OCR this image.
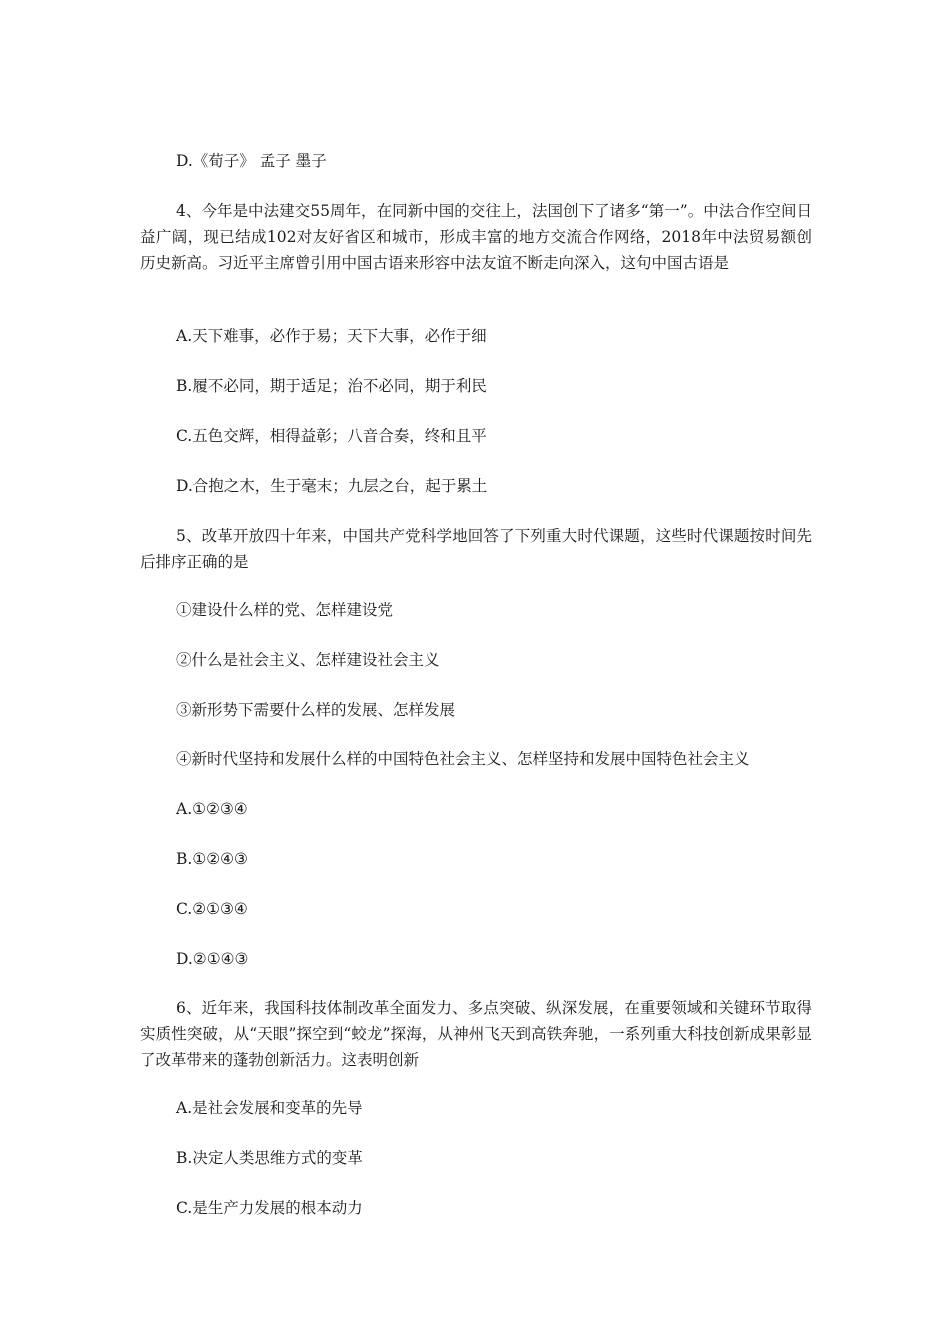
D.《荀子》 孟子 墨子
4、今年是中法建交55周年，在同新中国的交往上，法国创下了诸多“第一”。中法合作空间日益广阔，现已结成102对友好省区和城市，形成丰富的地方交流合作网络，2018年中法贸易额创历史新高。习近平主席曾引用中国古语来形容中法友谊不断走向深入，这句中国古语是
A.天下难事，必作于易；天下大事，必作于细
B.履不必同，期于适足；治不必同，期于利民
C.五色交辉，相得益彰；八音合奏，终和且平
D.合抱之木，生于毫末；九层之台，起于累土
5、改革开放四十年来，中国共产党科学地回答了下列重大时代课题，这些时代课题按时间先后排序正确的是
①建设什么样的党、怎样建设党
②什么是社会主义、怎样建设社会主义
③新形势下需要什么样的发展、怎样发展
④新时代坚持和发展什么样的中国特色社会主义、怎样坚持和发展中国特色社会主义
A.①②③④
B.①②④③
C.②①③④
D.②①④③
6、近年来，我国科技体制改革全面发力、多点突破、纵深发展，在重要领域和关键环节取得实质性突破，从“天眼”探空到“蛟龙”探海，从神州飞天到高铁奔驰，一系列重大科技创新成果彰显了改革带来的蓬勃创新活力。这表明创新
A.是社会发展和变革的先导
B.决定人类思维方式的变革
C.是生产力发展的根本动力
